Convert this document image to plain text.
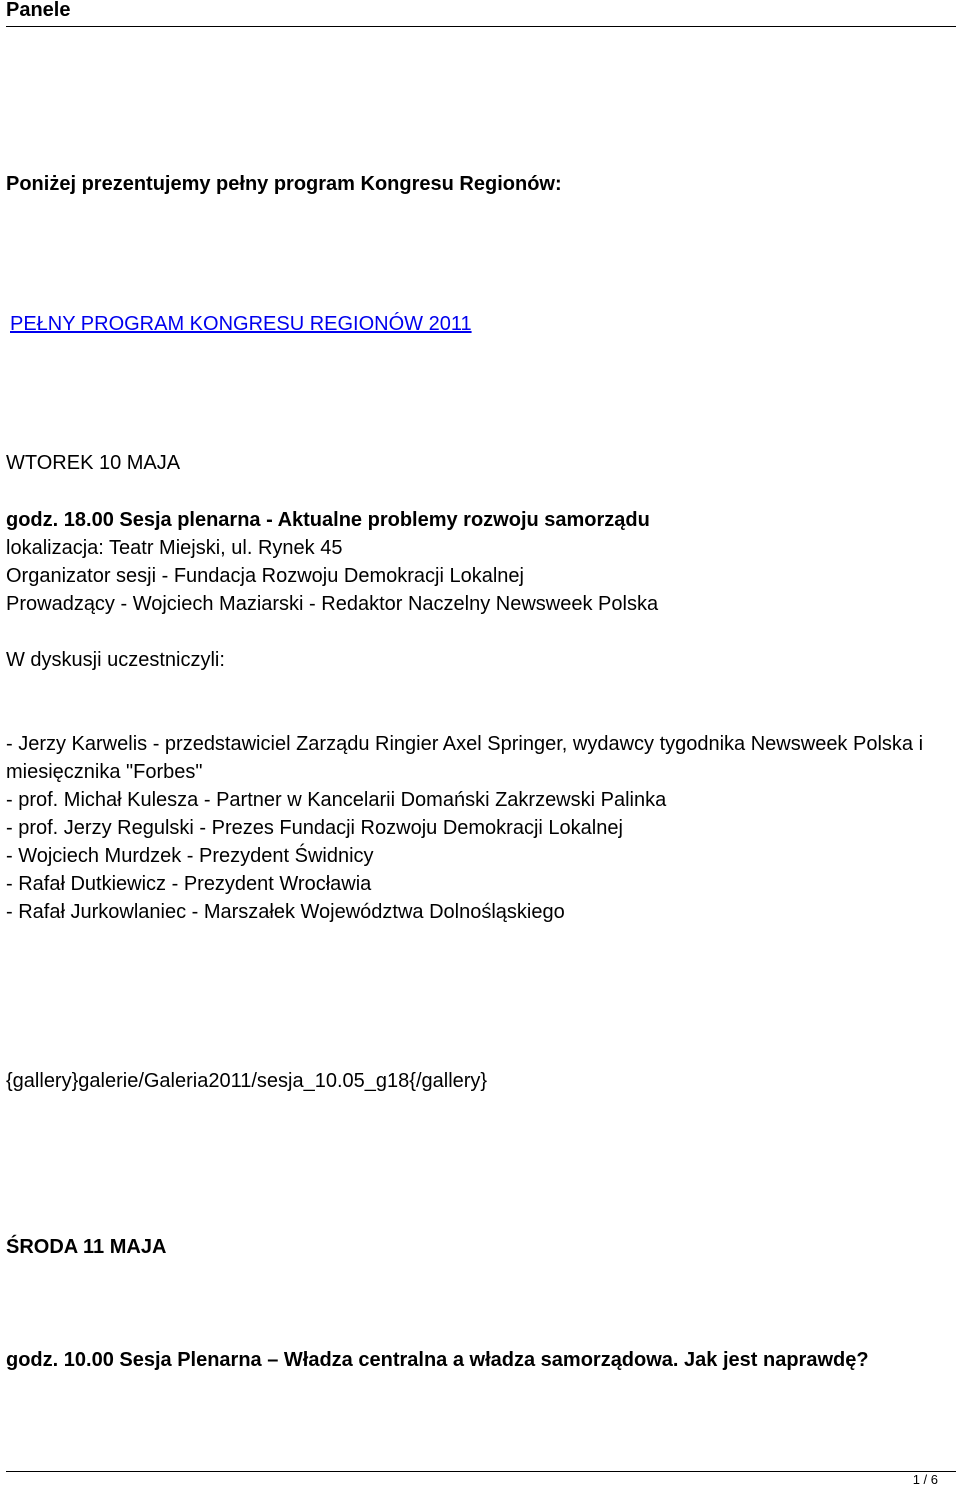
Panele
Poniżej prezentujemy pełny program Kongresu Regionów:
PEŁNY PROGRAM KONGRESU REGIONÓW 2011
WTOREK 10 MAJA
godz. 18.00 Sesja plenarna - Aktualne problemy rozwoju samorządu
lokalizacja: Teatr Miejski, ul. Rynek 45
Organizator sesji - Fundacja Rozwoju Demokracji Lokalnej
Prowadzący - Wojciech Maziarski - Redaktor Naczelny Newsweek Polska
W dyskusji uczestniczyli:
- Jerzy Karwelis - przedstawiciel Zarządu Ringier Axel Springer, wydawcy tygodnika Newsweek Polska i miesięcznika "Forbes"
- prof. Michał Kulesza - Partner w Kancelarii Domański Zakrzewski Palinka
- prof. Jerzy Regulski - Prezes Fundacji Rozwoju Demokracji Lokalnej
- Wojciech Murdzek - Prezydent Świdnicy
- Rafał Dutkiewicz - Prezydent Wrocławia
- Rafał Jurkowlaniec - Marszałek Województwa Dolnośląskiego
{gallery}galerie/Galeria2011/sesja_10.05_g18{/gallery}
ŚRODA 11 MAJA
godz. 10.00 Sesja Plenarna – Władza centralna a władza samorządowa. Jak jest naprawdę?
1 / 6
